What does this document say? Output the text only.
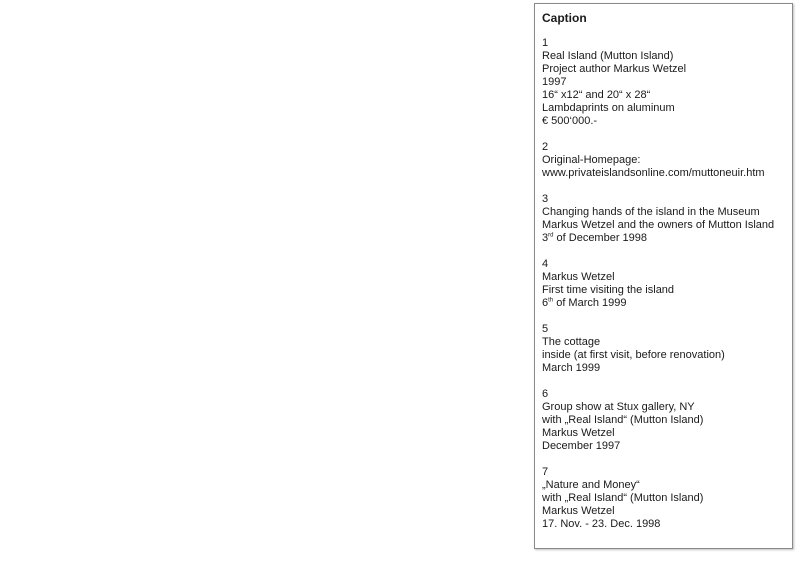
Caption
1
Real Island (Mutton Island)
Project author Markus Wetzel
1997
16“ x12“ and 20“ x 28“
Lambdaprints on aluminum
€ 500‘000.-
2
Original-Homepage:
www.privateislandsonline.com/muttoneuir.htm
3
Changing hands of the island in the Museum
Markus Wetzel and the owners of Mutton Island
3rd of December 1998
4
Markus Wetzel
First time visiting the island
6th of March 1999
5
The cottage
inside (at first visit, before renovation)
March 1999
6
Group show at Stux gallery, NY
with „Real Island“ (Mutton Island)
Markus Wetzel
December 1997
7
„Nature and Money“
with „Real Island“ (Mutton Island)
Markus Wetzel
17. Nov. - 23. Dec. 1998
